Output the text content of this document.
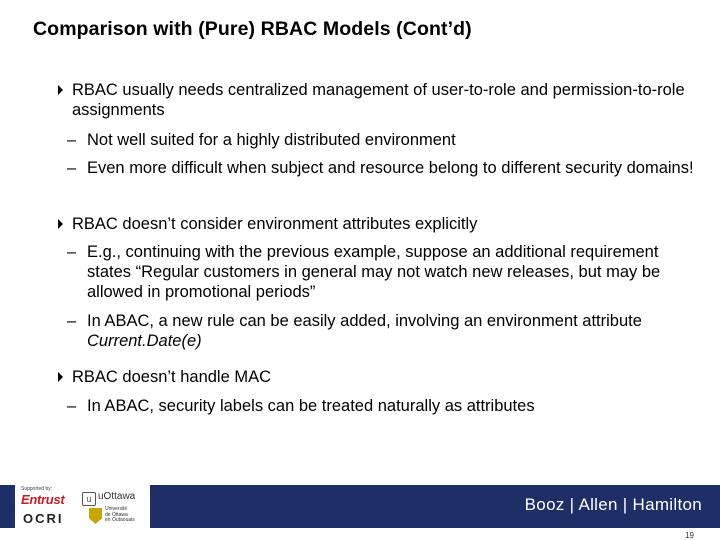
Comparison with (Pure) RBAC Models (Cont’d)
RBAC usually needs centralized management of user-to-role and permission-to-role assignments
– Not well suited for a highly distributed environment
– Even more difficult when subject and resource belong to different security domains!
RBAC doesn’t consider environment attributes explicitly
– E.g., continuing with the previous example, suppose an additional requirement states “Regular customers in general may not watch new releases, but may be allowed in promotional periods”
– In ABAC, a new rule can be easily added, involving an environment attribute Current.Date(e)
RBAC doesn’t handle MAC
– In ABAC, security labels can be treated naturally as attributes
Supported by:
Entrust	u uOttawa
OCRI
Université
de Ottawa
en Outaouais
Booz | Allen | Hamilton
19
